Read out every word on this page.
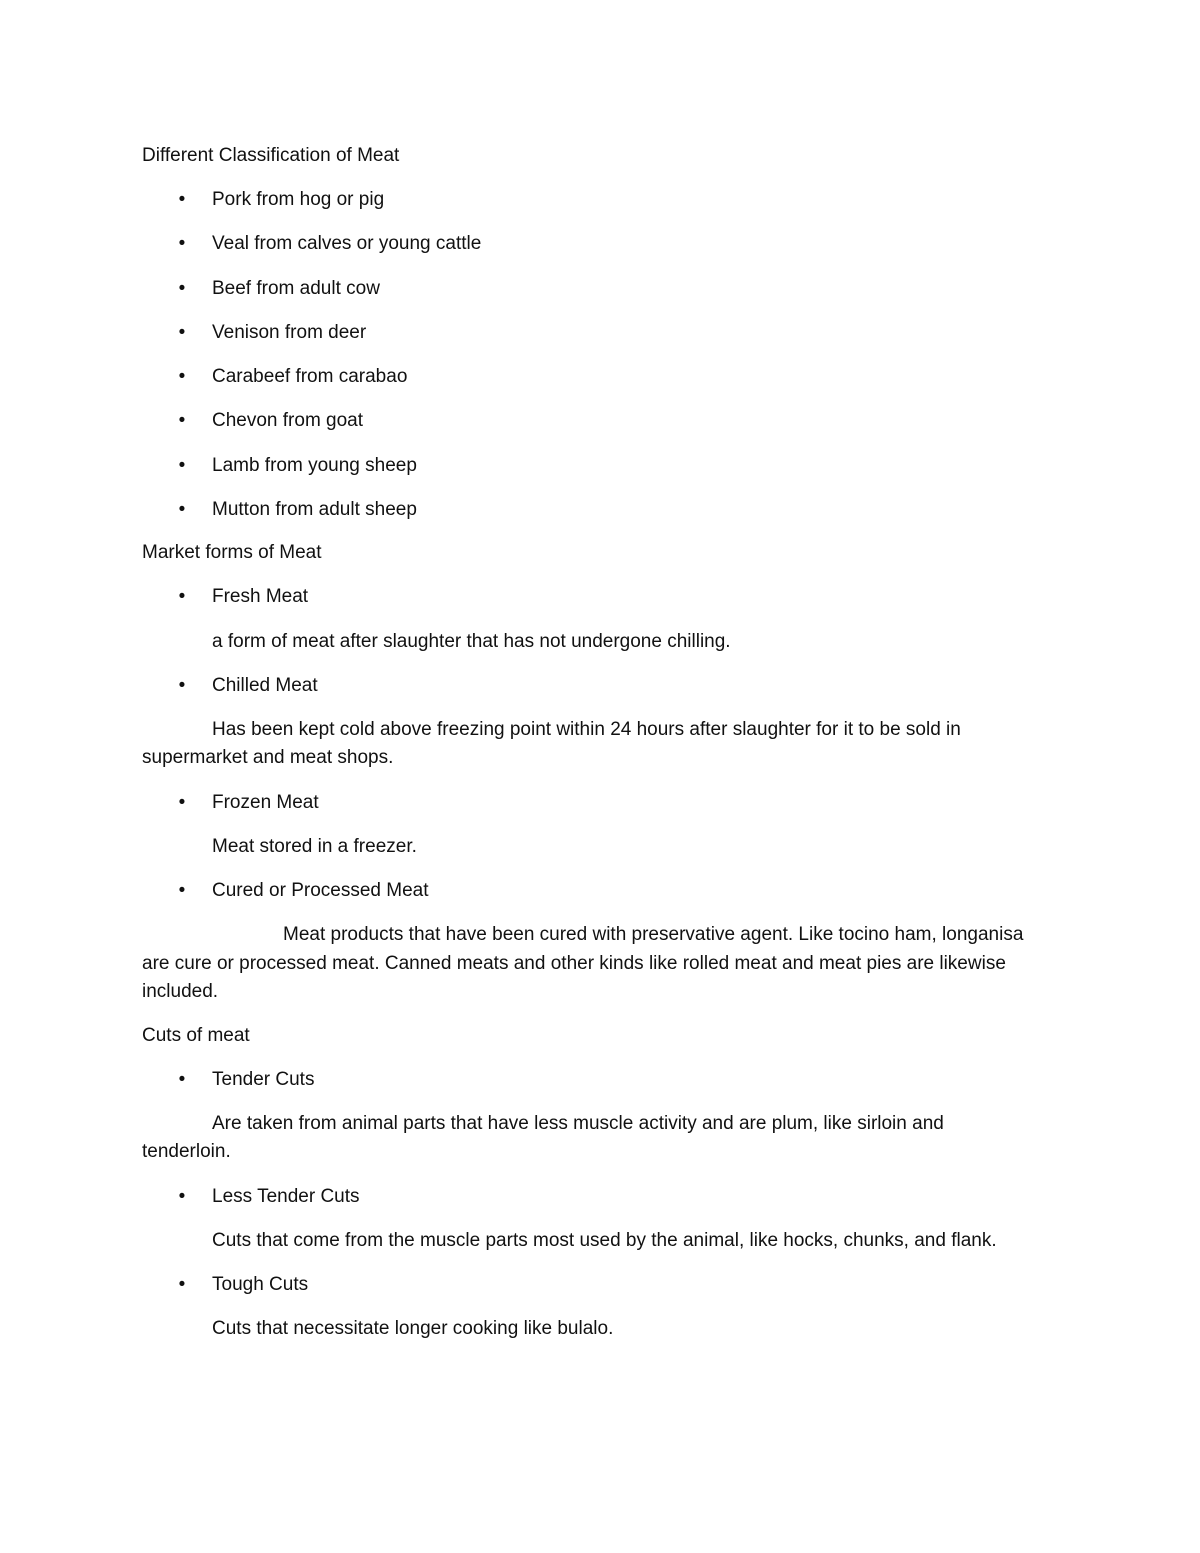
Different Classification of Meat
• Pork from hog or pig
• Veal from calves or young cattle
• Beef from adult cow
• Venison from deer
• Carabeef from carabao
• Chevon from goat
• Lamb from young sheep
• Mutton from adult sheep
Market forms of Meat
• Fresh Meat
a form of meat after slaughter that has not undergone chilling.
• Chilled Meat
Has been kept cold above freezing point within 24 hours after slaughter for it to be sold in
supermarket and meat shops.
• Frozen Meat
Meat stored in a freezer.
• Cured or Processed Meat
Meat products that have been cured with preservative agent. Like tocino ham, longanisa
are cure or processed meat. Canned meats and other kinds like rolled meat and meat pies are likewise
included.
Cuts of meat
• Tender Cuts
Are taken from animal parts that have less muscle activity and are plum, like sirloin and
tenderloin.
• Less Tender Cuts
Cuts that come from the muscle parts most used by the animal, like hocks, chunks, and flank.
• Tough Cuts
Cuts that necessitate longer cooking like bulalo.
